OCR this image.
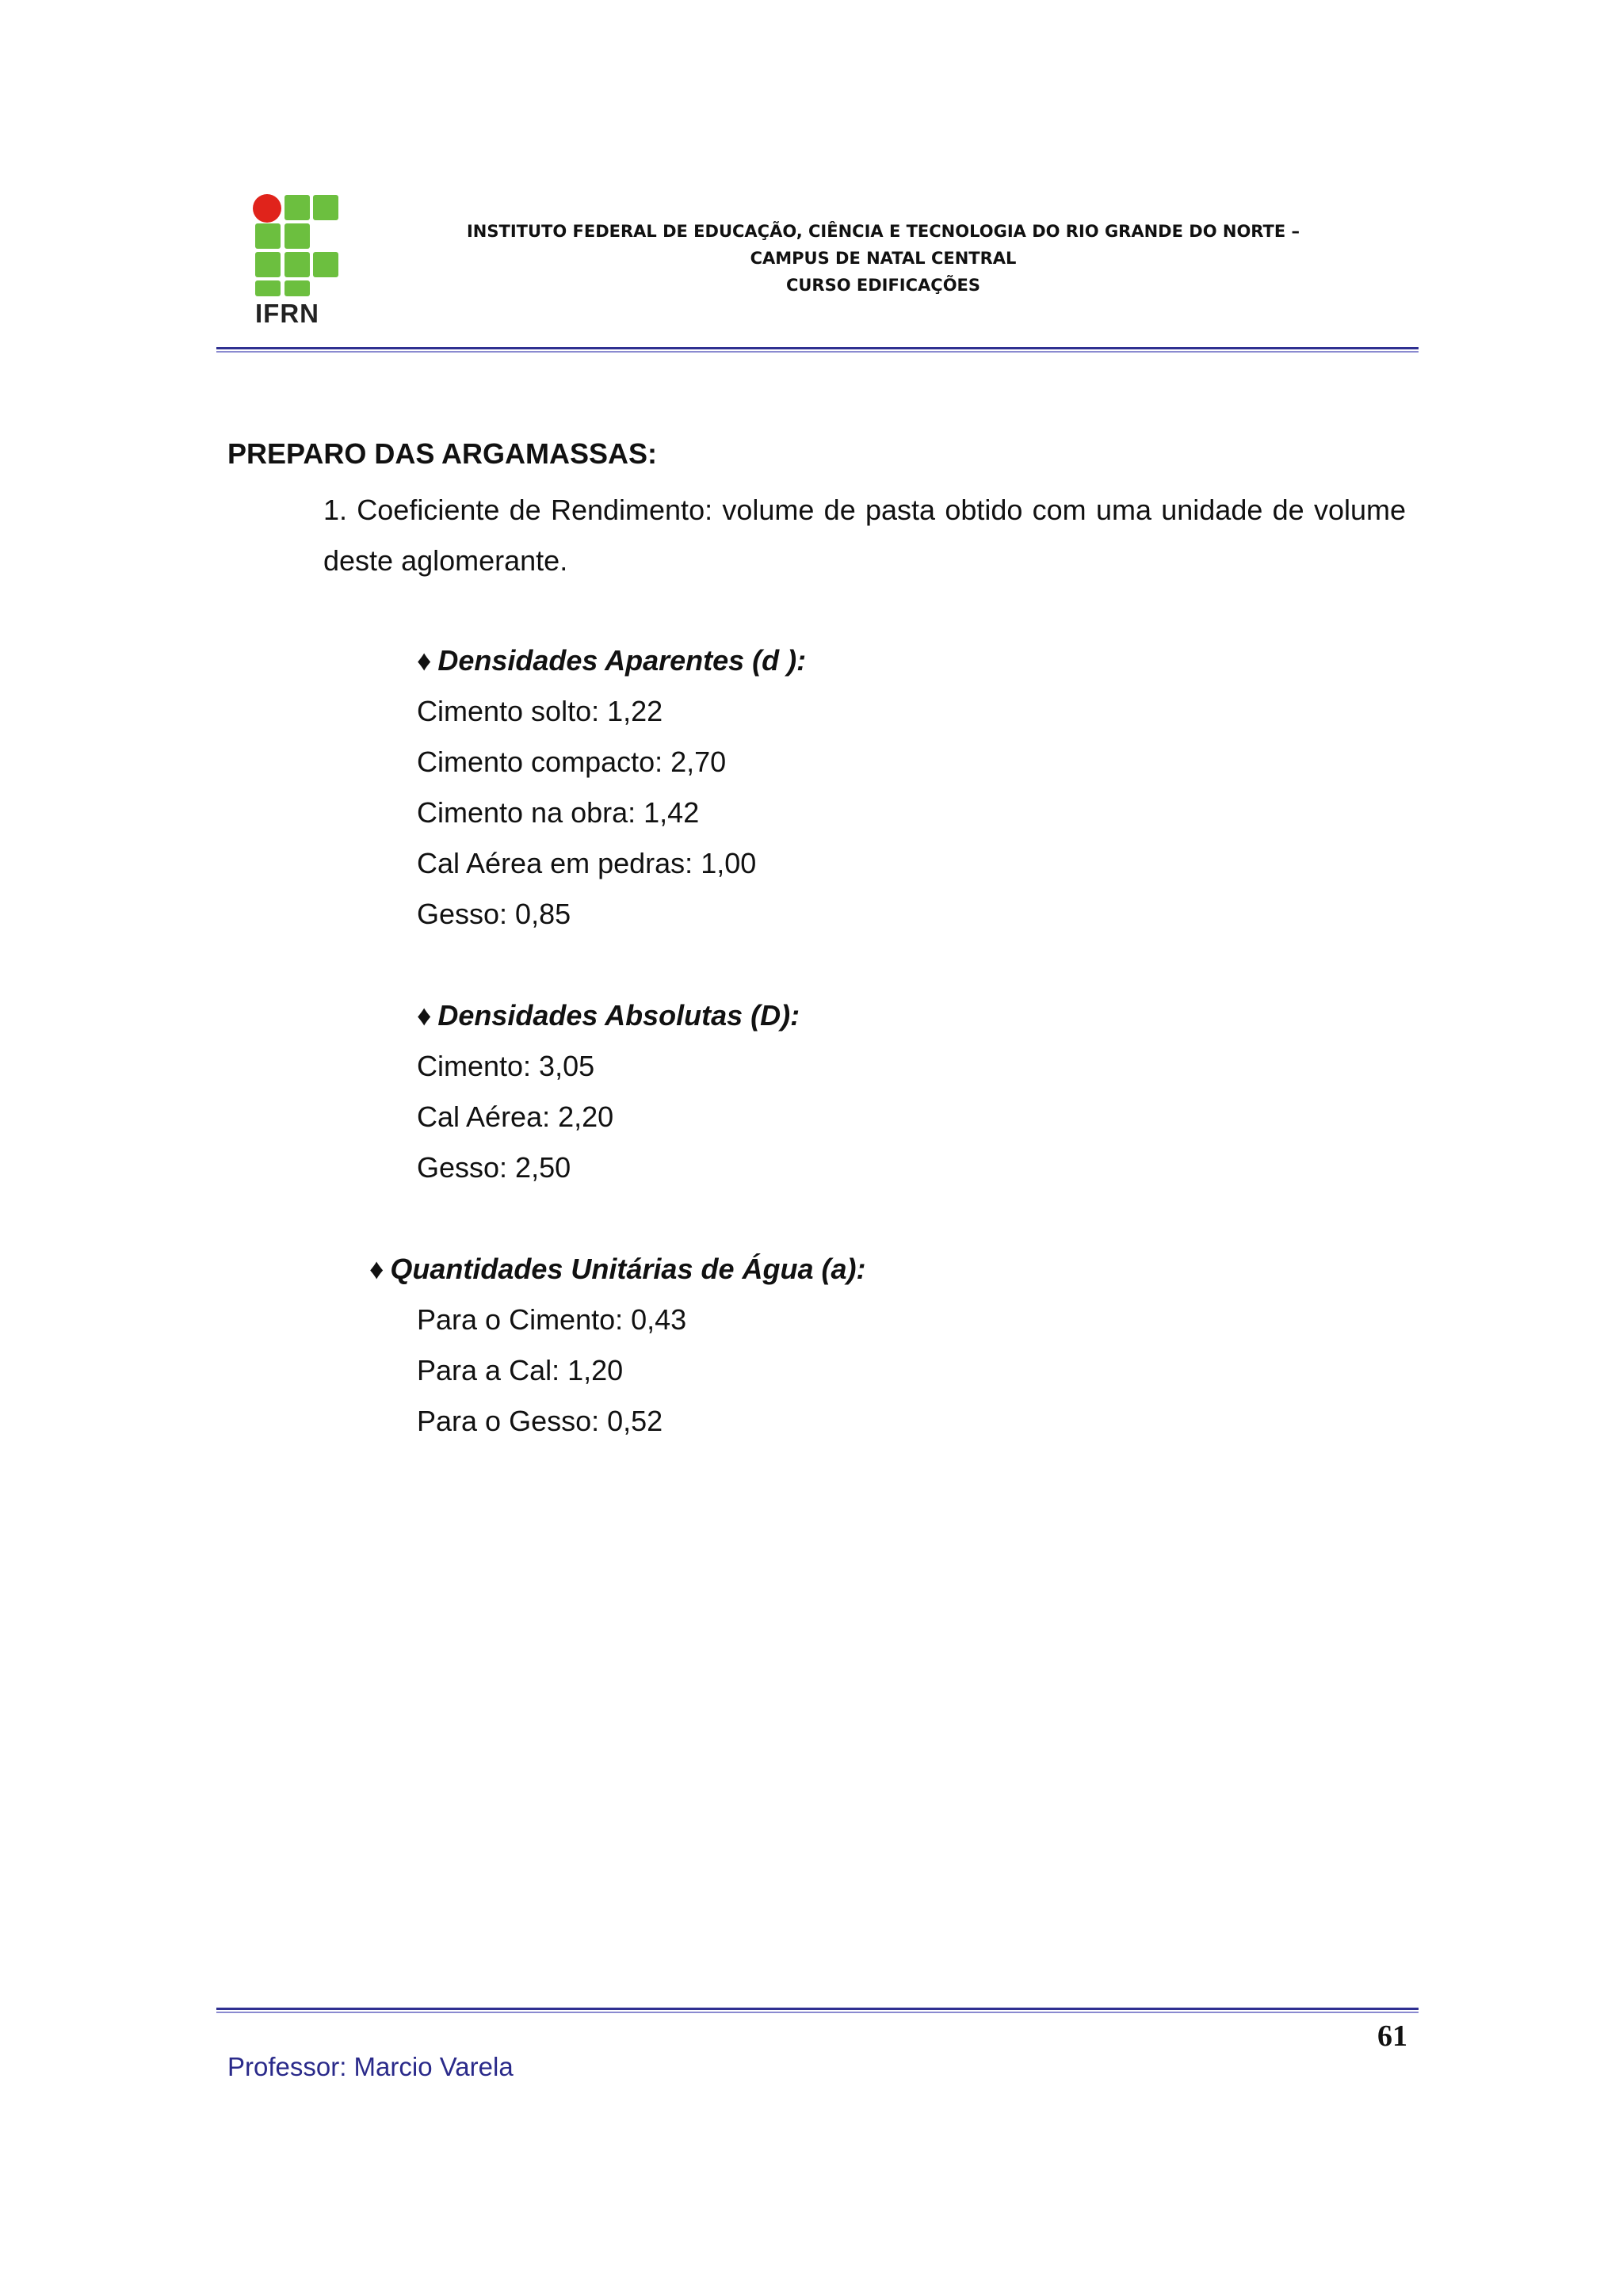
IFRN
INSTITUTO FEDERAL DE EDUCAÇÃO, CIÊNCIA E TECNOLOGIA DO RIO GRANDE DO NORTE –
CAMPUS DE NATAL CENTRAL
CURSO EDIFICAÇÕES
PREPARO DAS ARGAMASSAS:
1. Coeficiente de Rendimento: volume de pasta obtido com uma unidade de volume deste aglomerante.
♦ Densidades Aparentes (d ):
Cimento solto: 1,22
Cimento compacto: 2,70
Cimento na obra: 1,42
Cal Aérea em pedras: 1,00
Gesso: 0,85
♦ Densidades Absolutas (D):
Cimento: 3,05
Cal Aérea: 2,20
Gesso: 2,50
♦ Quantidades Unitárias de Água (a):
Para o Cimento: 0,43
Para a Cal: 1,20
Para o Gesso: 0,52
61
Professor: Marcio Varela
